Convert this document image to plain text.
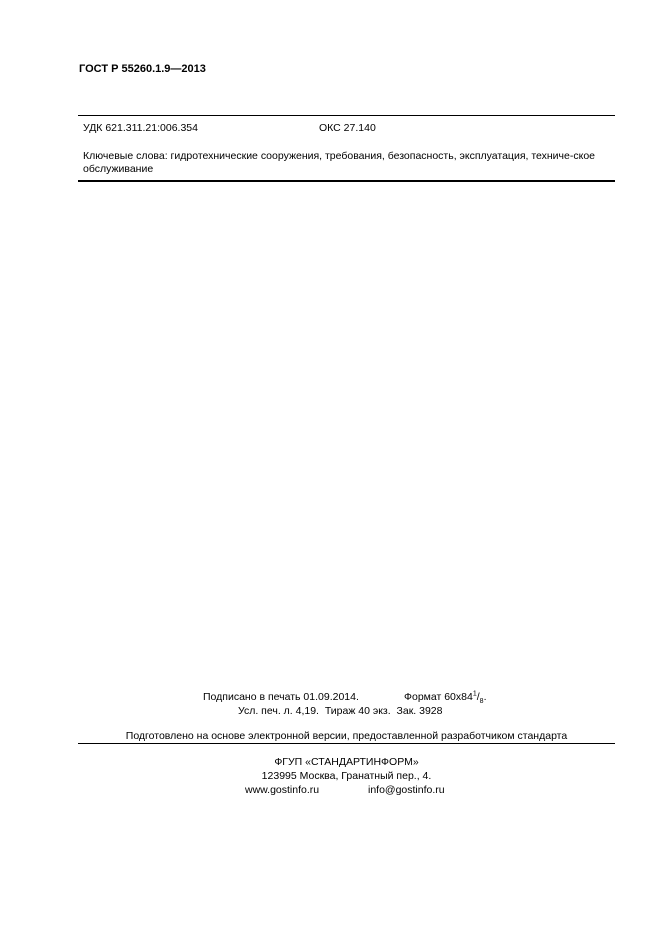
ГОСТ Р 55260.1.9—2013
УДК 621.311.21:006.354	ОКС 27.140
Ключевые слова: гидротехнические сооружения, требования, безопасность, эксплуатация, техниче-ское обслуживание
Подписано в печать 01.09.2014.	Формат $60x84^1/_8$.
Усл. печ. л. 4,19. Тираж 40 экз. Зак. 3928
Подготовлено на основе электронной версии, предоставленной разработчиком стандарта
ФГУП «СТАНДАРТИНФОРМ»
123995 Москва, Гранатный пер., 4.
www.gostinfo.ru	info@gostinfo.ru
